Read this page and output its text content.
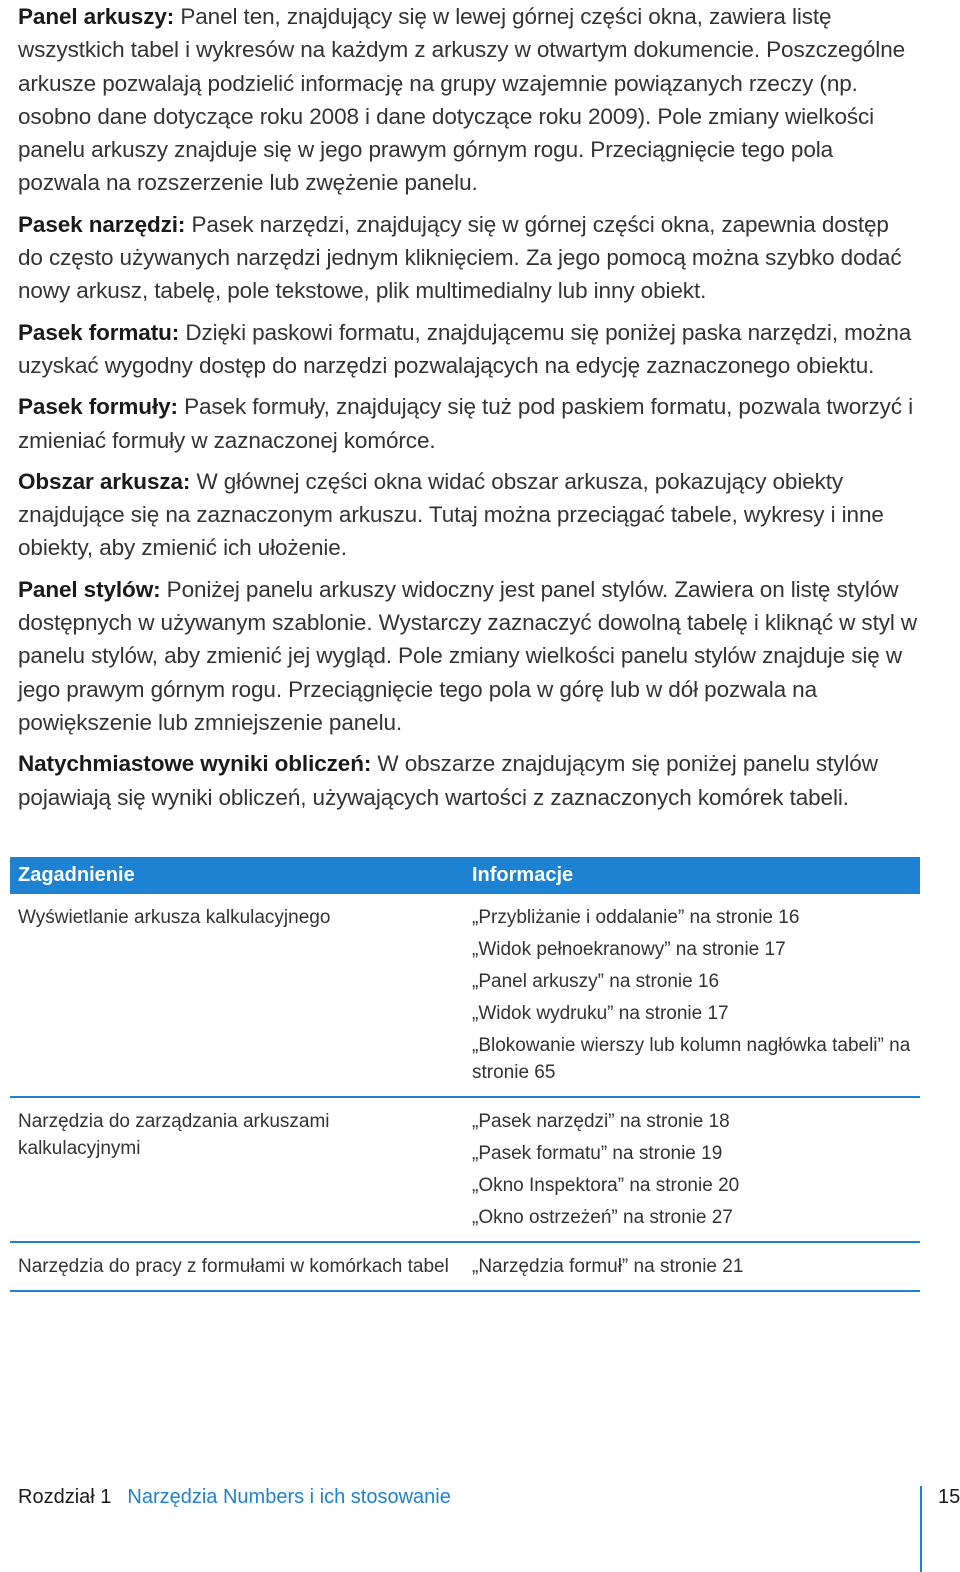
Panel arkuszy: Panel ten, znajdujący się w lewej górnej części okna, zawiera listę wszystkich tabel i wykresów na każdym z arkuszy w otwartym dokumencie. Poszczególne arkusze pozwalają podzielić informację na grupy wzajemnie powiązanych rzeczy (np. osobno dane dotyczące roku 2008 i dane dotyczące roku 2009). Pole zmiany wielkości panelu arkuszy znajduje się w jego prawym górnym rogu. Przeciągnięcie tego pola pozwala na rozszerzenie lub zwężenie panelu.

Pasek narzędzi: Pasek narzędzi, znajdujący się w górnej części okna, zapewnia dostęp do często używanych narzędzi jednym kliknięciem. Za jego pomocą można szybko dodać nowy arkusz, tabelę, pole tekstowe, plik multimedialny lub inny obiekt.

Pasek formatu: Dzięki paskowi formatu, znajdującemu się poniżej paska narzędzi, można uzyskać wygodny dostęp do narzędzi pozwalających na edycję zaznaczonego obiektu.

Pasek formuły: Pasek formuły, znajdujący się tuż pod paskiem formatu, pozwala tworzyć i zmieniać formuły w zaznaczonej komórce.

Obszar arkusza: W głównej części okna widać obszar arkusza, pokazujący obiekty znajdujące się na zaznaczonym arkuszu. Tutaj można przeciągać tabele, wykresy i inne obiekty, aby zmienić ich ułożenie.

Panel stylów: Poniżej panelu arkuszy widoczny jest panel stylów. Zawiera on listę stylów dostępnych w używanym szablonie. Wystarczy zaznaczyć dowolną tabelę i kliknąć w styl w panelu stylów, aby zmienić jej wygląd. Pole zmiany wielkości panelu stylów znajduje się w jego prawym górnym rogu. Przeciągnięcie tego pola w górę lub w dół pozwala na powiększenie lub zmniejszenie panelu.

Natychmiastowe wyniki obliczeń: W obszarze znajdującym się poniżej panelu stylów pojawiają się wyniki obliczeń, używających wartości z zaznaczonych komórek tabeli.

Zagadnienie	Informacje
Wyświetlanie arkusza kalkulacyjnego	„Przybliżanie i oddalanie” na stronie 16
„Widok pełnoekranowy” na stronie 17
„Panel arkuszy” na stronie 16
„Widok wydruku” na stronie 17
„Blokowanie wierszy lub kolumn nagłówka tabeli” na stronie 65

Narzędzia do zarządzania arkuszami kalkulacyjnymi	„Pasek narzędzi” na stronie 18
„Pasek formatu” na stronie 19
„Okno Inspektora” na stronie 20
„Okno ostrzeżeń” na stronie 27

Narzędzia do pracy z formułami w komórkach tabel	„Narzędzia formuł” na stronie 21
Rozdział 1 Narzędzia Numbers i ich stosowanie	15
